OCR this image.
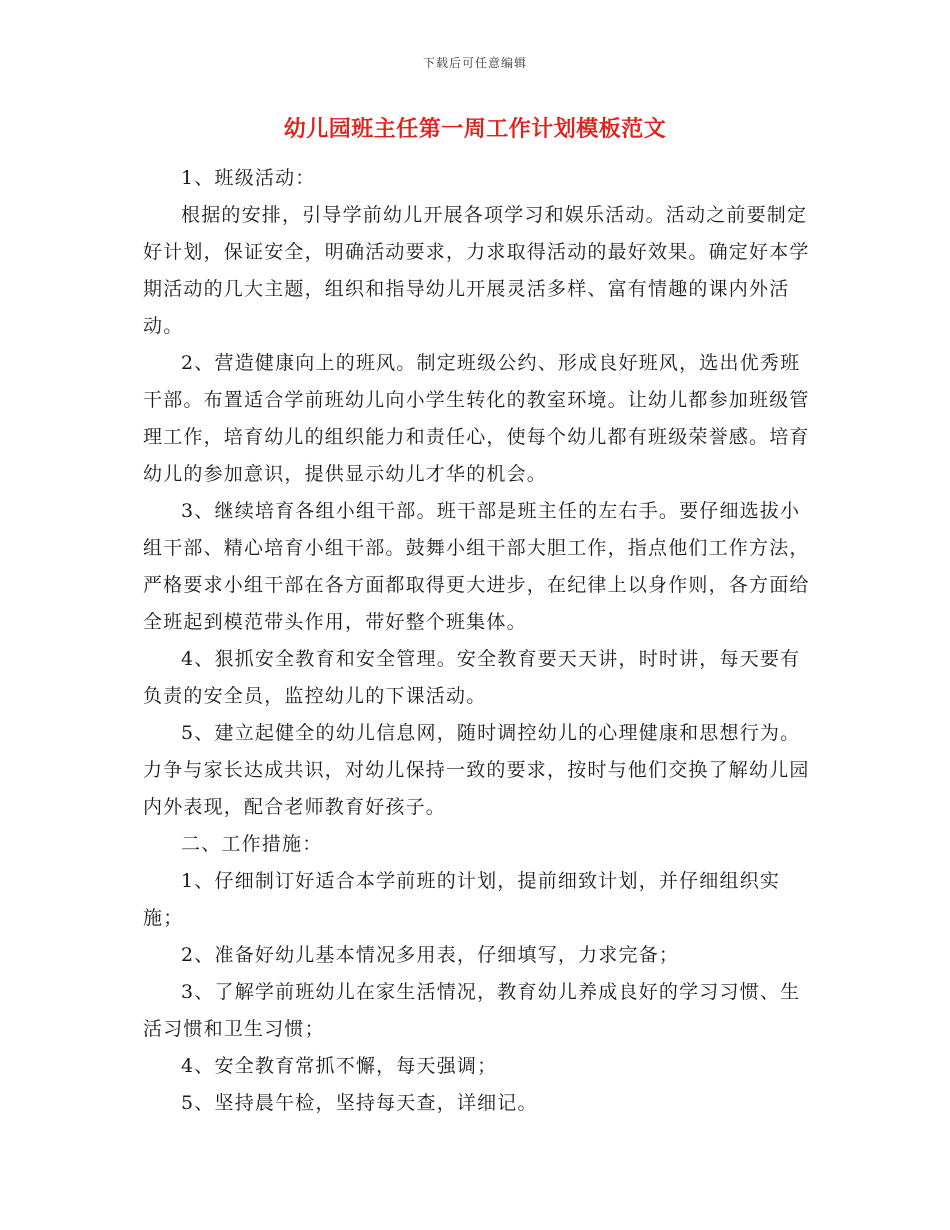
下载后可任意编辑
幼儿园班主任第一周工作计划模板范文

1、班级活动：

根据的安排，引导学前幼儿开展各项学习和娱乐活动。活动之前要制定好计划，保证安全，明确活动要求，力求取得活动的最好效果。确定好本学期活动的几大主题，组织和指导幼儿开展灵活多样、富有情趣的课内外活动。

2、营造健康向上的班风。制定班级公约、形成良好班风，选出优秀班干部。布置适合学前班幼儿向小学生转化的教室环境。让幼儿都参加班级管理工作，培育幼儿的组织能力和责任心，使每个幼儿都有班级荣誉感。培育幼儿的参加意识，提供显示幼儿才华的机会。

3、继续培育各组小组干部。班干部是班主任的左右手。要仔细选拔小组干部、精心培育小组干部。鼓舞小组干部大胆工作，指点他们工作方法，严格要求小组干部在各方面都取得更大进步，在纪律上以身作则，各方面给全班起到模范带头作用，带好整个班集体。

4、狠抓安全教育和安全管理。安全教育要天天讲，时时讲，每天要有负责的安全员，监控幼儿的下课活动。

5、建立起健全的幼儿信息网，随时调控幼儿的心理健康和思想行为。力争与家长达成共识，对幼儿保持一致的要求，按时与他们交换了解幼儿园内外表现，配合老师教育好孩子。

二、工作措施：

1、仔细制订好适合本学前班的计划，提前细致计划，并仔细组织实施；

2、准备好幼儿基本情况多用表，仔细填写，力求完备；

3、了解学前班幼儿在家生活情况，教育幼儿养成良好的学习习惯、生活习惯和卫生习惯；

4、安全教育常抓不懈，每天强调；

5、坚持晨午检，坚持每天查，详细记。
